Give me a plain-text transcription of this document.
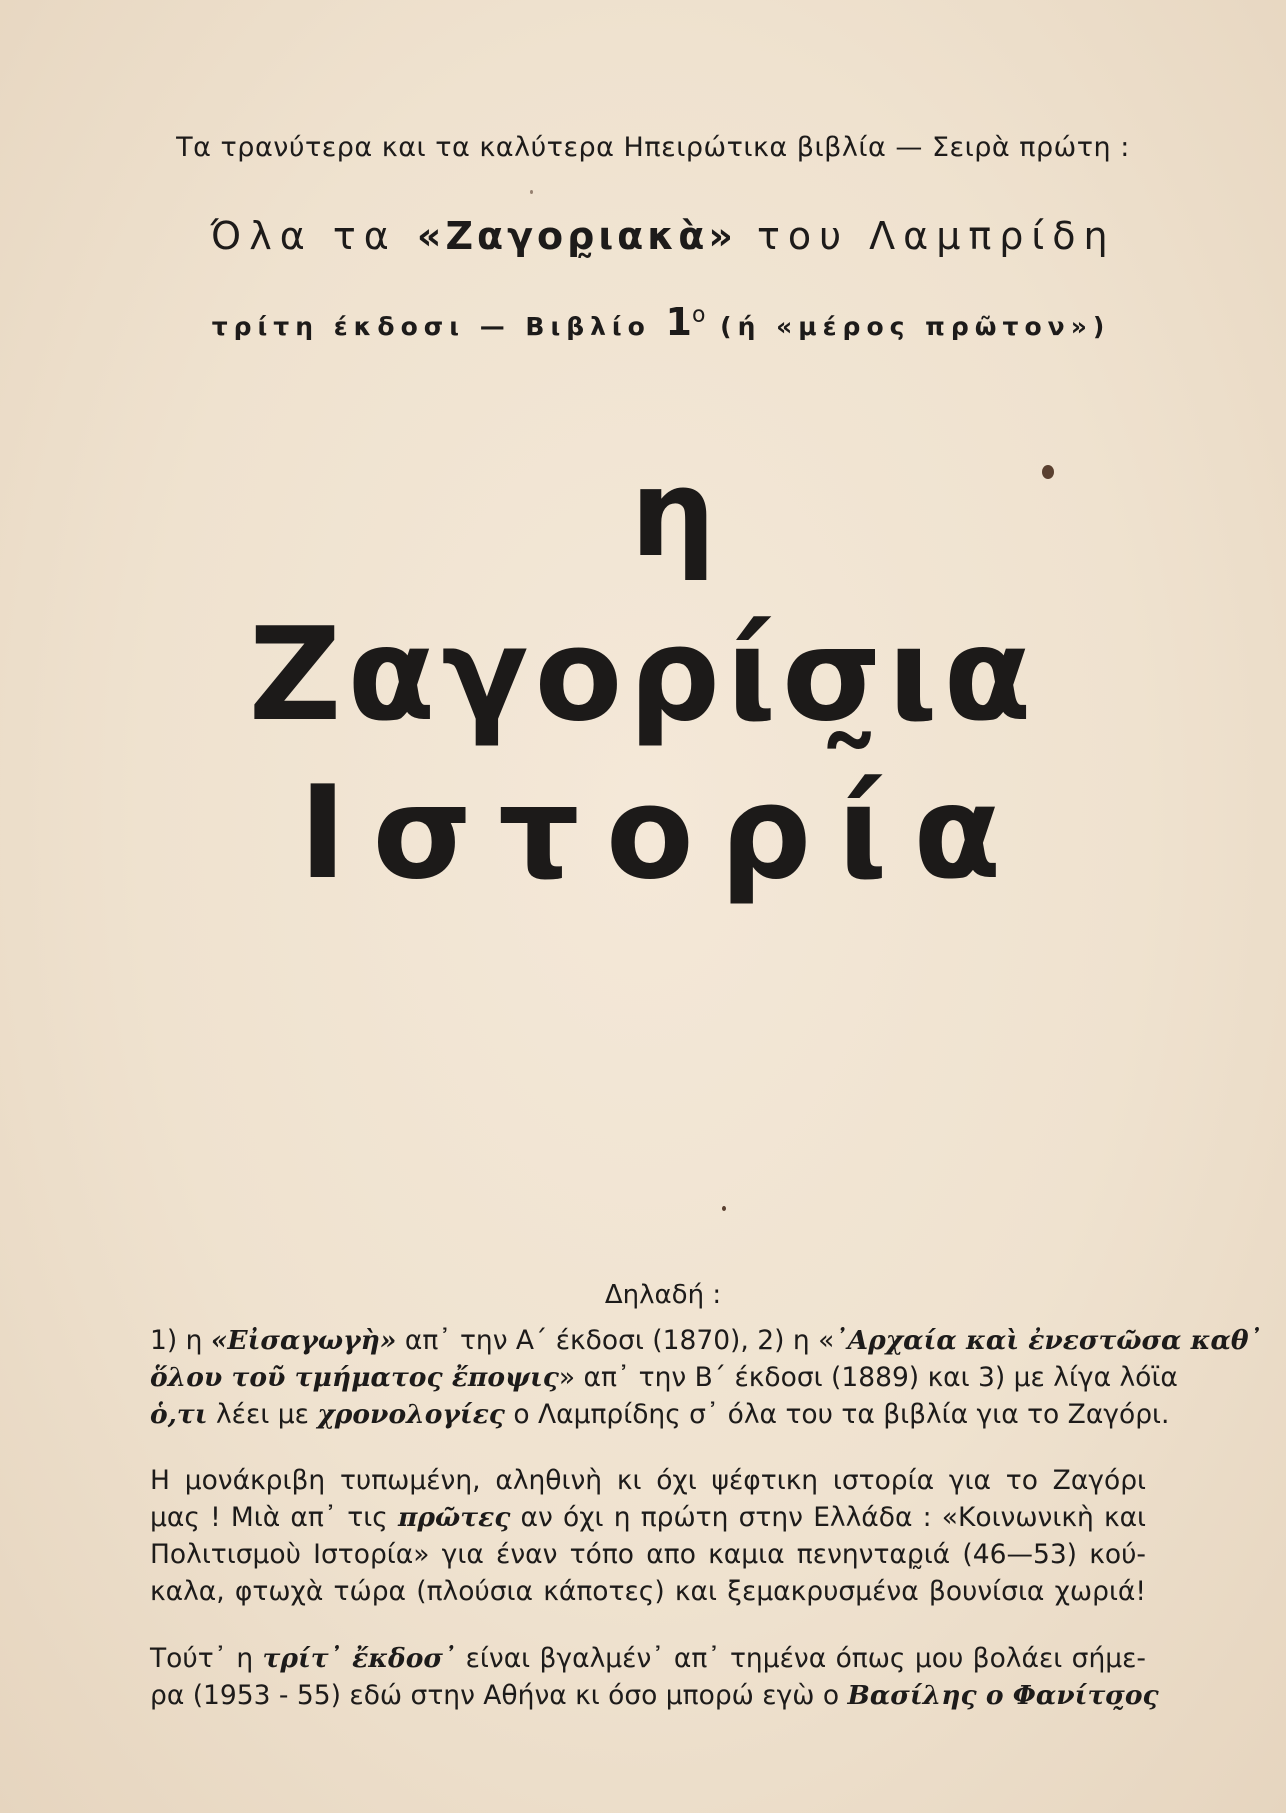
Τα τρανύτερα και τα καλύτερα Ηπειρώτικα βιβλία — Σειρὰ πρώτη :
Όλα τα «Ζαγορ̰ιακὰ» του Λαμπρίδη
τρίτη έκδοσι — Βιβλίο $1^o$ (ή «μέρος πρῶτον»)
η
Ζαγορίσ̰ια
Ιστορία
Δηλαδή :
1) η «Εἰσαγωγὴ» απ᾽ την Α΄ έκδοσι (1870), 2) η «᾽Αρχαία καὶ ἐνεστῶσα καθ᾽
ὅλου τοῦ τμήματος ἔποψις» απ᾽ την Β΄ έκδοσι (1889) και 3) με λίγα λόϊα
ὁ,τι λέει με χρονολογίες ο Λαμπρίδης σ᾽ όλα του τα βιβλία για το Ζαγόρι.
Η μονάκριβη τυπωμένη, αληθινὴ κι όχι ψέφτικη ιστορία για το Ζαγόρι
μας ! Μιὰ απ᾽ τις πρῶτες αν όχι η πρώτη στην Ελλάδα : «Κοινωνικὴ και
Πολιτισμοὺ Ιστορία» για έναν τόπο απο καμια πενηνταρ̰ιά (46—53) κού-
καλα, φτωχὰ τώρα (πλούσια κάποτες) και ξεμακρυσμένα βουνίσια χωριά!
Τούτ᾽ η τρίτ᾽ ἔκδοσ᾽ είναι βγαλμέν᾽ απ᾽ τημένα όπως μου βολάει σήμε-
ρα (1953 - 55) εδώ στην Αθήνα κι όσο μπορώ εγὼ ο Βασίλης ο Φανίτσ̰ος
